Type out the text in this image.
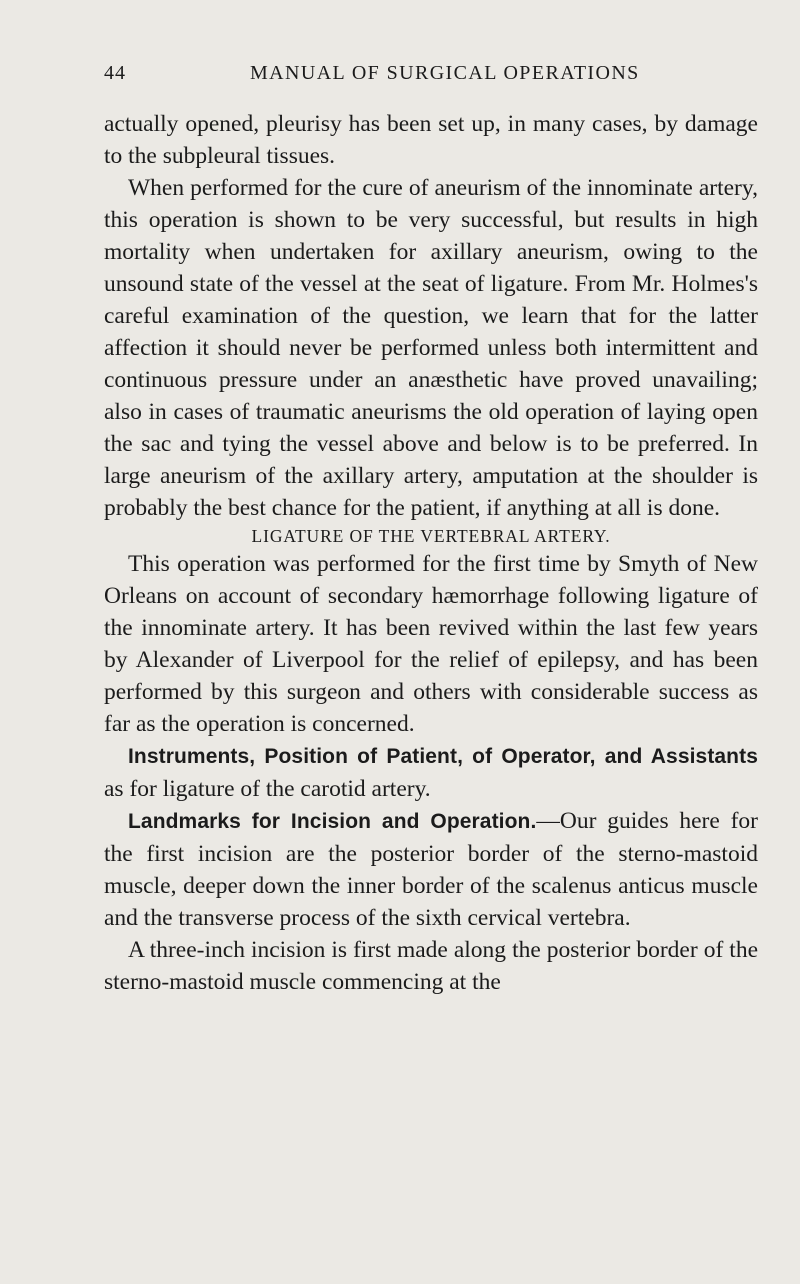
44	MANUAL OF SURGICAL OPERATIONS

actually opened, pleurisy has been set up, in many cases, by damage to the subpleural tissues.

When performed for the cure of aneurism of the innominate artery, this operation is shown to be very successful, but results in high mortality when undertaken for axillary aneurism, owing to the unsound state of the vessel at the seat of ligature. From Mr. Holmes's careful examination of the question, we learn that for the latter affection it should never be performed unless both intermittent and continuous pressure under an anæsthetic have proved unavailing; also in cases of traumatic aneurisms the old operation of laying open the sac and tying the vessel above and below is to be preferred. In large aneurism of the axillary artery, amputation at the shoulder is probably the best chance for the patient, if anything at all is done.

LIGATURE OF THE VERTEBRAL ARTERY.

This operation was performed for the first time by Smyth of New Orleans on account of secondary hæmorrhage following ligature of the innominate artery. It has been revived within the last few years by Alexander of Liverpool for the relief of epilepsy, and has been performed by this surgeon and others with considerable success as far as the operation is concerned.

Instruments, Position of Patient, of Operator, and Assistants as for ligature of the carotid artery.

Landmarks for Incision and Operation.—Our guides here for the first incision are the posterior border of the sterno-mastoid muscle, deeper down the inner border of the scalenus anticus muscle and the transverse process of the sixth cervical vertebra.

A three-inch incision is first made along the posterior border of the sterno-mastoid muscle commencing at the
